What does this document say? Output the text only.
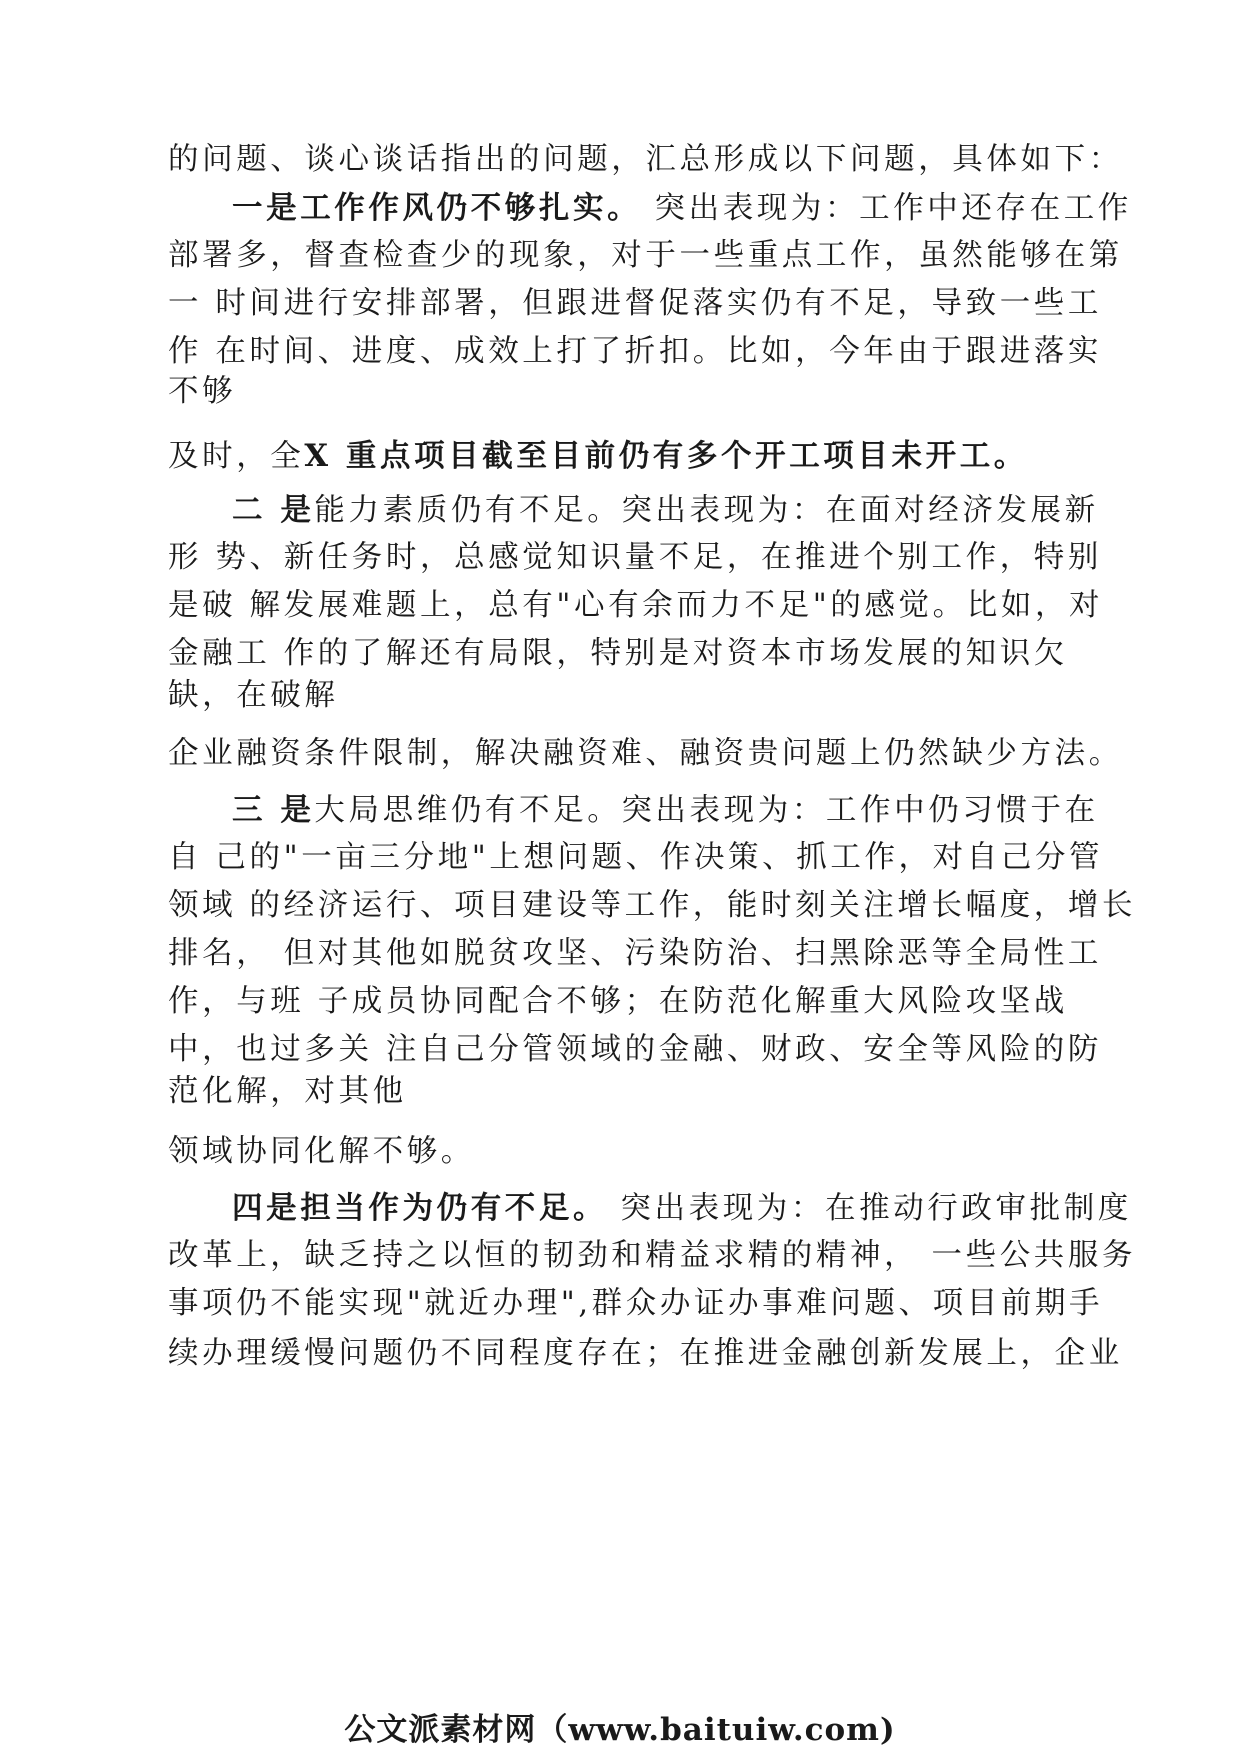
的问题、谈心谈话指出的问题，汇总形成以下问题，具体如下：
一是工作作风仍不够扎实。 突出表现为：工作中还存在工作
部署多，督查检查少的现象，对于一些重点工作，虽然能够在第
一 时间进行安排部署，但跟进督促落实仍有不足，导致一些工
作 在时间、进度、成效上打了折扣。比如，今年由于跟进落实
不够
及时，全X 重点项目截至目前仍有多个开工项目未开工。
二 是能力素质仍有不足。突出表现为：在面对经济发展新
形 势、新任务时，总感觉知识量不足，在推进个别工作，特别
是破 解发展难题上，总有"心有余而力不足"的感觉。比如，对
金融工 作的了解还有局限，特别是对资本市场发展的知识欠
缺，在破解
企业融资条件限制，解决融资难、融资贵问题上仍然缺少方法。
三 是大局思维仍有不足。突出表现为：工作中仍习惯于在
自 己的"一亩三分地"上想问题、作决策、抓工作，对自己分管
领域 的经济运行、项目建设等工作，能时刻关注增长幅度，增长
排名， 但对其他如脱贫攻坚、污染防治、扫黑除恶等全局性工
作，与班 子成员协同配合不够；在防范化解重大风险攻坚战
中，也过多关 注自己分管领域的金融、财政、安全等风险的防
范化解，对其他
领域协同化解不够。
四是担当作为仍有不足。 突出表现为：在推动行政审批制度
改革上，缺乏持之以恒的韧劲和精益求精的精神， 一些公共服务
事项仍不能实现"就近办理",群众办证办事难问题、项目前期手
续办理缓慢问题仍不同程度存在；在推进金融创新发展上，企业
公文派素材网（www.baituiw.com)
